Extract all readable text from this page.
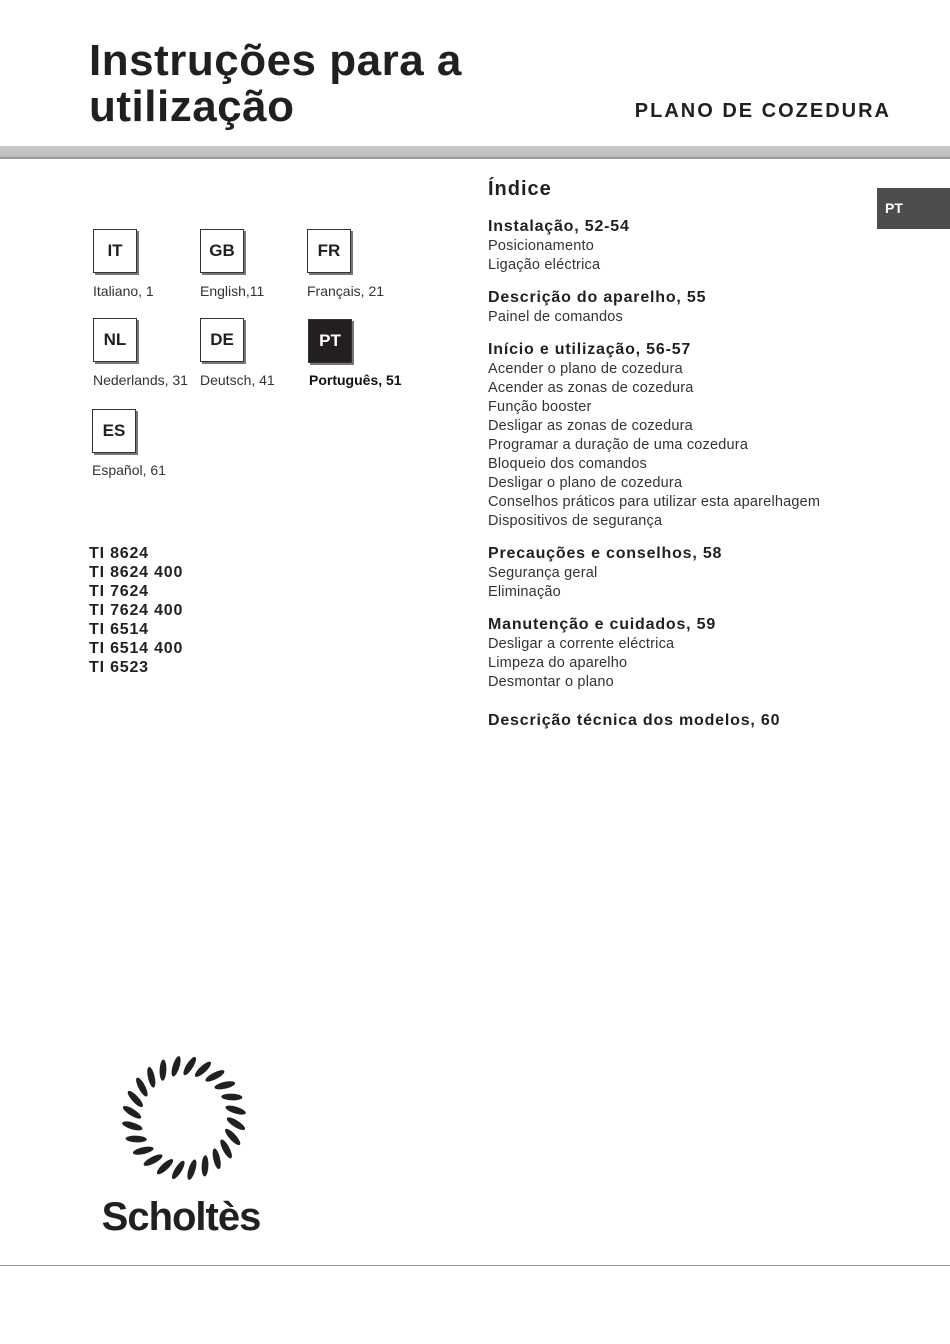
Instruções para a
utilização	PLANO DE COZEDURA
PT
IT
Italiano, 1
GB
English,11
FR
Français, 21
NL
Nederlands, 31
DE
Deutsch, 41
PT
Português, 51
ES
Español, 61
TI 8624
TI 8624 400
TI 7624
TI 7624 400
TI 6514
TI 6514 400
TI 6523
Índice
Instalação, 52-54
Posicionamento
Ligação eléctrica
Descrição do aparelho, 55
Painel de comandos
Início e utilização, 56-57
Acender o plano de cozedura
Acender as zonas de cozedura
Função booster
Desligar as zonas de cozedura
Programar a duração de uma cozedura
Bloqueio dos comandos
Desligar o plano de cozedura
Conselhos práticos para utilizar esta aparelhagem
Dispositivos de segurança
Precauções e conselhos, 58
Segurança geral
Eliminação
Manutenção e cuidados, 59
Desligar a corrente eléctrica
Limpeza do aparelho
Desmontar o plano
Descrição técnica dos modelos, 60
Scholtès
